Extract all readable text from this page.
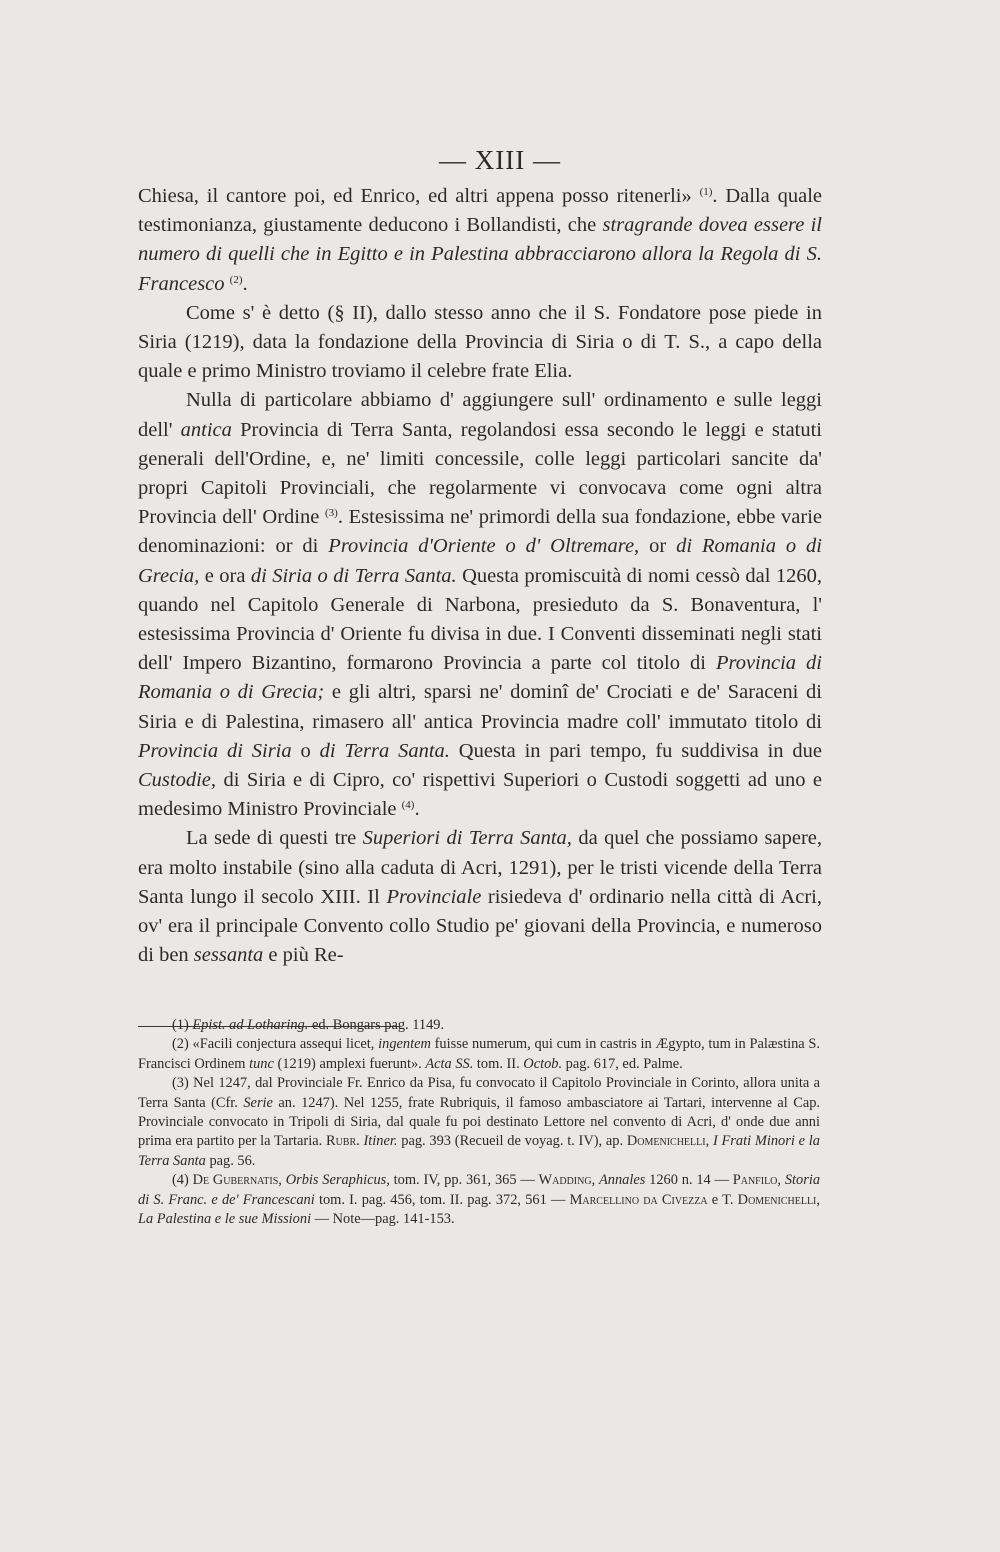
— XIII —

Chiesa, il cantore poi, ed Enrico, ed altri appena posso ritenerli» $^{(1)}$. Dalla quale testimonianza, giustamente deducono i Bollandisti, che stragrande dovea essere il numero di quelli che in Egitto e in Palestina abbracciarono allora la Regola di S. Francesco $^{(2)}$.

Come s' è detto (§ II), dallo stesso anno che il S. Fondatore pose piede in Siria (1219), data la fondazione della Provincia di Siria o di T. S., a capo della quale e primo Ministro troviamo il celebre frate Elia.

Nulla di particolare abbiamo d' aggiungere sull' ordinamento e sulle leggi dell' antica Provincia di Terra Santa, regolandosi essa secondo le leggi e statuti generali dell'Ordine, e, ne' limiti concessile, colle leggi particolari sancite da' propri Capitoli Provinciali, che regolarmente vi convocava come ogni altra Provincia dell' Ordine $^{(3)}$. Estesissima ne' primordi della sua fondazione, ebbe varie denominazioni: or di Provincia d'Oriente o d' Oltremare, or di Romania o di Grecia, e ora di Siria o di Terra Santa. Questa promiscuità di nomi cessò dal 1260, quando nel Capitolo Generale di Narbona, presieduto da S. Bonaventura, l' estesissima Provincia d' Oriente fu divisa in due. I Conventi disseminati negli stati dell' Impero Bizantino, formarono Provincia a parte col titolo di Provincia di Romania o di Grecia; e gli altri, sparsi ne' dominî de' Crociati e de' Saraceni di Siria e di Palestina, rimasero all' antica Provincia madre coll' immutato titolo di Provincia di Siria o di Terra Santa. Questa in pari tempo, fu suddivisa in due Custodie, di Siria e di Cipro, co' rispettivi Superiori o Custodi soggetti ad uno e medesimo Ministro Provinciale $^{(4)}$.

La sede di questi tre Superiori di Terra Santa, da quel che possiamo sapere, era molto instabile (sino alla caduta di Acri, 1291), per le tristi vicende della Terra Santa lungo il secolo XIII. Il Provinciale risiedeva d' ordinario nella città di Acri, ov' era il principale Convento collo Studio pe' giovani della Provincia, e numeroso di ben sessanta e più Re-

(1) Epist. ad Lotharing. ed. Bongars pag. 1149.

(2) «Facili conjectura assequi licet, ingentem fuisse numerum, qui cum in castris in Ægypto, tum in Palæstina S. Francisci Ordinem tunc (1219) amplexi fuerunt». Acta SS. tom. II. Octob. pag. 617, ed. Palme.

(3) Nel 1247, dal Provinciale Fr. Enrico da Pisa, fu convocato il Capitolo Provinciale in Corinto, allora unita a Terra Santa (Cfr. Serie an. 1247). Nel 1255, frate Rubriquis, il famoso ambasciatore ai Tartari, intervenne al Cap. Provinciale convocato in Tripoli di Siria, dal quale fu poi destinato Lettore nel convento di Acri, d' onde due anni prima era partito per la Tartaria. Rubr. Itiner. pag. 393 (Recueil de voyag. t. IV), ap. Domenichelli, I Frati Minori e la Terra Santa pag. 56.

(4) De Gubernatis, Orbis Seraphicus, tom. IV, pp. 361, 365 — Wadding, Annales 1260 n. 14 — Panfilo, Storia di S. Franc. e de' Francescani tom. I. pag. 456, tom. II. pag. 372, 561 — Marcellino da Civezza e T. Domenichelli, La Palestina e le sue Missioni — Note—pag. 141-153.
